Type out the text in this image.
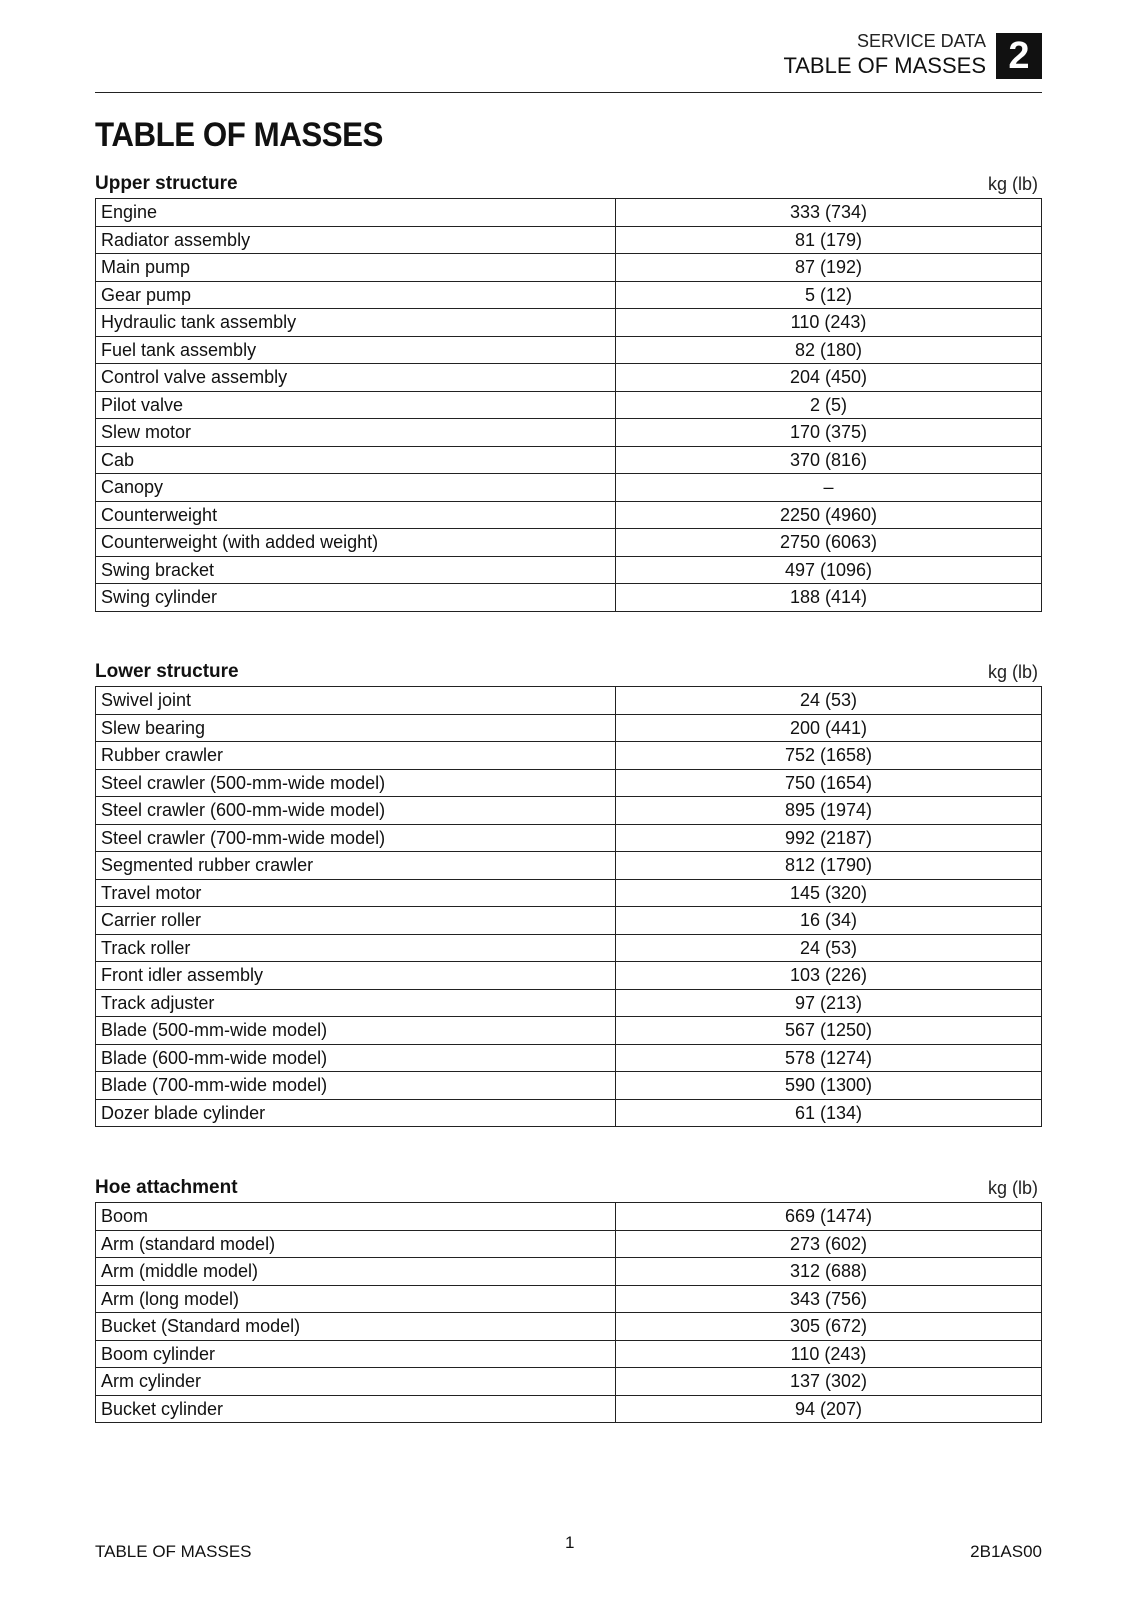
SERVICE DATA
TABLE OF MASSES 2
TABLE OF MASSES
Upper structure	kg (lb)
Engine	333 (734)
Radiator assembly	81 (179)
Main pump	87 (192)
Gear pump	5 (12)
Hydraulic tank assembly	110 (243)
Fuel tank assembly	82 (180)
Control valve assembly	204 (450)
Pilot valve	2 (5)
Slew motor	170 (375)
Cab	370 (816)
Canopy	–
Counterweight	2250 (4960)
Counterweight (with added weight)	2750 (6063)
Swing bracket	497 (1096)
Swing cylinder	188 (414)
Lower structure	kg (lb)
Swivel joint	24 (53)
Slew bearing	200 (441)
Rubber crawler	752 (1658)
Steel crawler (500-mm-wide model)	750 (1654)
Steel crawler (600-mm-wide model)	895 (1974)
Steel crawler (700-mm-wide model)	992 (2187)
Segmented rubber crawler	812 (1790)
Travel motor	145 (320)
Carrier roller	16 (34)
Track roller	24 (53)
Front idler assembly	103 (226)
Track adjuster	97 (213)
Blade (500-mm-wide model)	567 (1250)
Blade (600-mm-wide model)	578 (1274)
Blade (700-mm-wide model)	590 (1300)
Dozer blade cylinder	61 (134)
Hoe attachment	kg (lb)
Boom	669 (1474)
Arm (standard model)	273 (602)
Arm (middle model)	312 (688)
Arm (long model)	343 (756)
Bucket (Standard model)	305 (672)
Boom cylinder	110 (243)
Arm cylinder	137 (302)
Bucket cylinder	94 (207)
TABLE OF MASSES	1	2B1AS00
